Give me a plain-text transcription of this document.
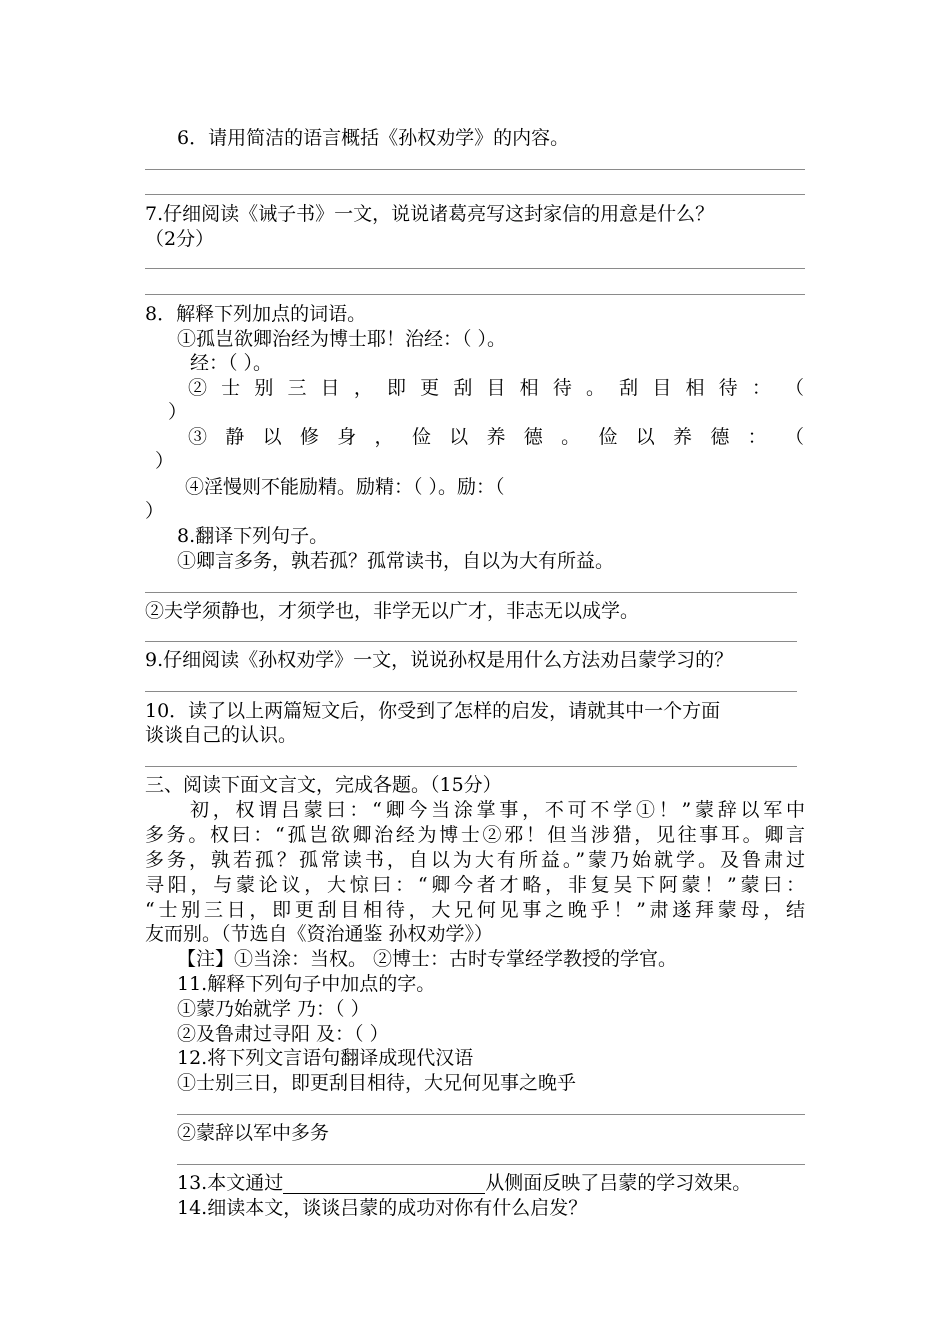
6．请用简洁的语言概括《孙权劝学》的内容。
7.仔细阅读《诫子书》一文，说说诸葛亮写这封家信的用意是什么？
（2分）
8．解释下列加点的词语。
①孤岂欲卿治经为博士耶！治经：（ ）。
经：（ ）。
② 士 别 三 日 ， 即 更 刮 目 相 待 。 刮 目 相 待 ： （
）
③ 静 以 修 身 ， 俭 以 养 德 。 俭 以 养 德 ： （
）
④淫慢则不能励精。励精：（ ）。励：（
）
8.翻译下列句子。
①卿言多务，孰若孤？孤常读书，自以为大有所益。
②夫学须静也，才须学也，非学无以广才，非志无以成学。
9.仔细阅读《孙权劝学》一文，说说孙权是用什么方法劝吕蒙学习的？
10．读了以上两篇短文后，你受到了怎样的启发，请就其中一个方面
谈谈自己的认识。
三、阅读下面文言文，完成各题。（15分）
初，权谓吕蒙曰：“卿今当涂掌事，不可不学①！”蒙辞以军中
多务。权曰：“孤岂欲卿治经为博士②邪！但当涉猎，见往事耳。卿言
多务，孰若孤？孤常读书，自以为大有所益。”蒙乃始就学。及鲁肃过
寻阳，与蒙论议，大惊曰：“卿今者才略，非复吴下阿蒙！”蒙曰：
“士别三日，即更刮目相待，大兄何见事之晚乎！”肃遂拜蒙母，结
友而别。（节选自《资治通鉴 孙权劝学》）
【注】①当涂：当权。 ②博士：古时专掌经学教授的学官。
11.解释下列句子中加点的字。
①蒙乃始就学 乃：（ ）
②及鲁肃过寻阳 及：（ ）
12.将下列文言语句翻译成现代汉语
①士别三日，即更刮目相待，大兄何见事之晚乎
②蒙辞以军中多务
13.本文通过	从侧面反映了吕蒙的学习效果。
14.细读本文，谈谈吕蒙的成功对你有什么启发？
